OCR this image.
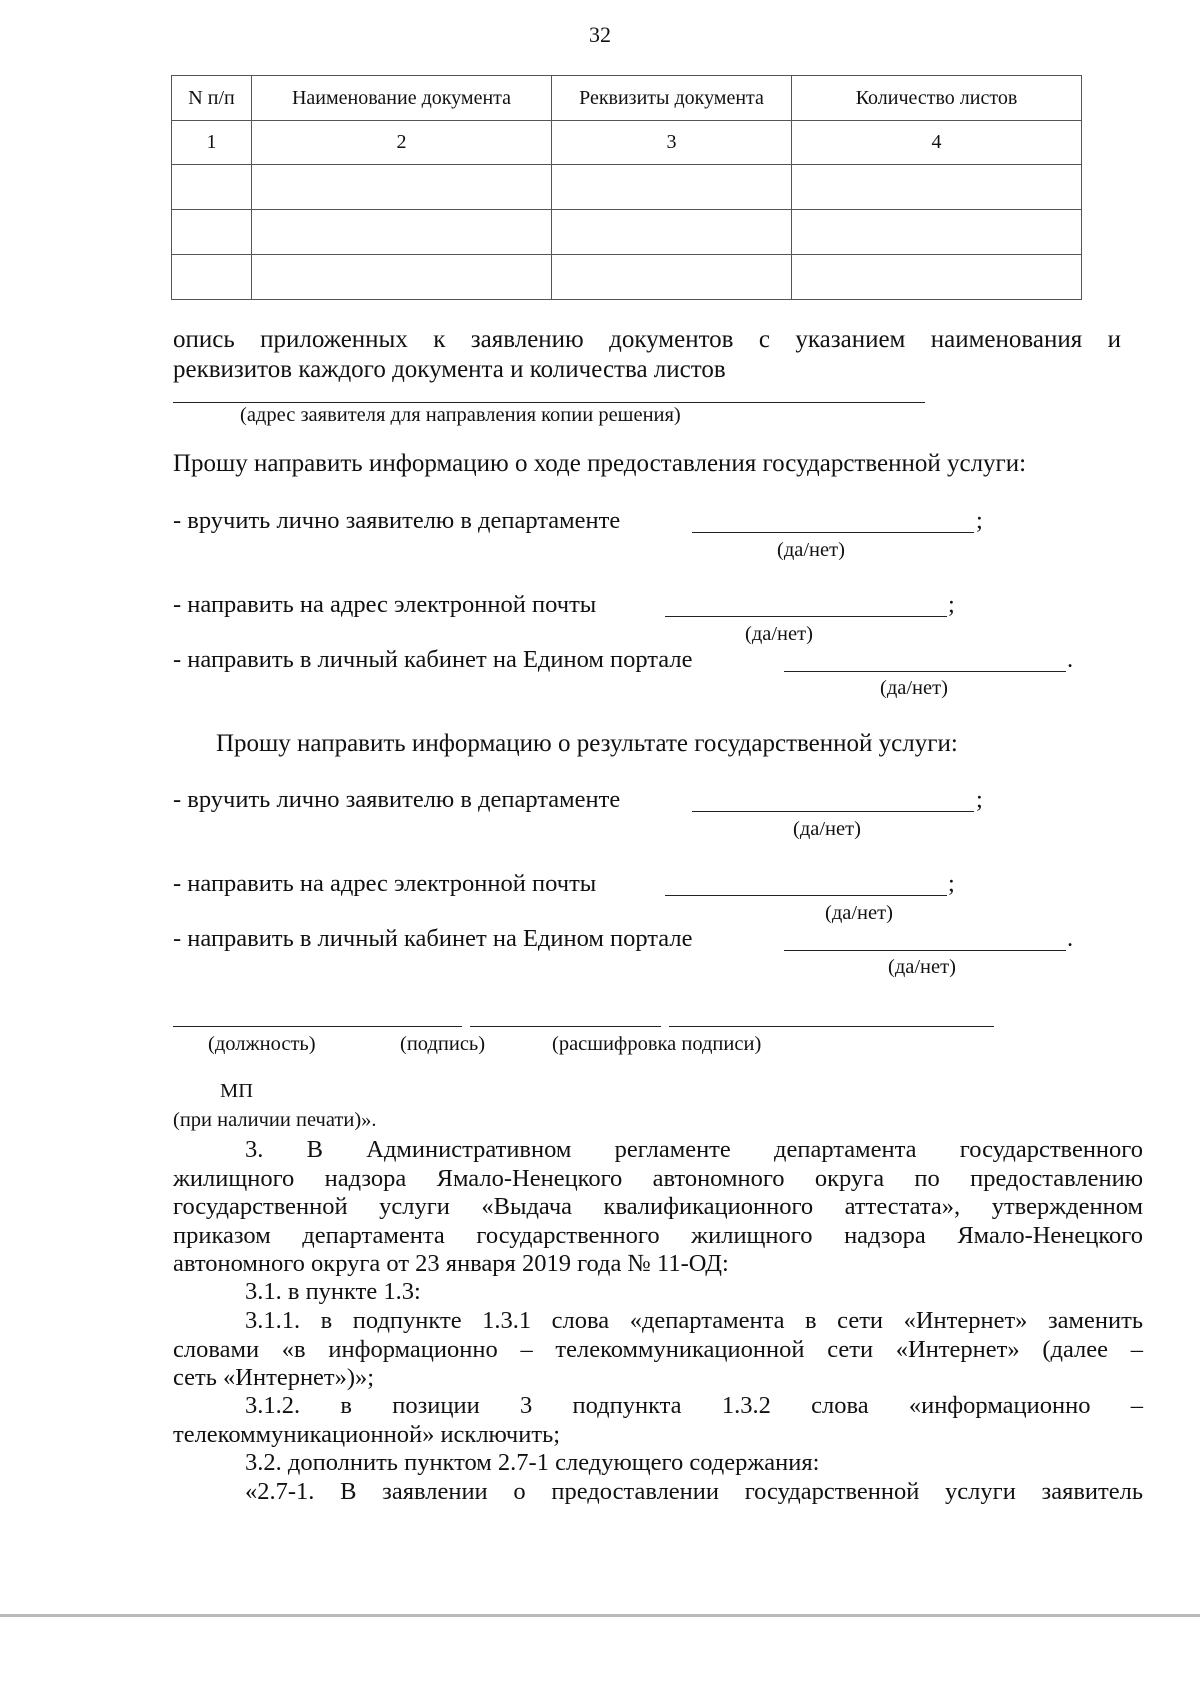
32
N п/п	Наименование документа	Реквизиты документа	Количество листов
1	2	3	4

опись приложенных к заявлению документов с указанием наименования и
реквизитов каждого документа и количества листов
(адрес заявителя для направления копии решения)
Прошу направить информацию о ходе предоставления государственной услуги:
- вручить лично заявителю в департаменте	;
(да/нет)
- направить на адрес электронной почты	;
(да/нет)
- направить в личный кабинет на Едином портале	.
(да/нет)
Прошу направить информацию о результате государственной услуги:
- вручить лично заявителю в департаменте	;
(да/нет)
- направить на адрес электронной почты	;
(да/нет)
- направить в личный кабинет на Едином портале	.
(да/нет)
(должность)	(подпись)	(расшифровка подписи)
МП
(при наличии печати)».
3. В Административном регламенте департамента государственного
жилищного надзора Ямало-Ненецкого автономного округа по предоставлению
государственной услуги «Выдача квалификационного аттестата», утвержденном
приказом департамента государственного жилищного надзора Ямало-Ненецкого
автономного округа от 23 января 2019 года № 11-ОД:
3.1. в пункте 1.3:
3.1.1. в подпункте 1.3.1 слова «департамента в сети «Интернет» заменить
словами «в информационно – телекоммуникационной сети «Интернет» (далее –
сеть «Интернет»)»;
3.1.2. в позиции 3 подпункта 1.3.2 слова «информационно –
телекоммуникационной» исключить;
3.2. дополнить пунктом 2.7-1 следующего содержания:
«2.7-1. В заявлении о предоставлении государственной услуги заявитель
